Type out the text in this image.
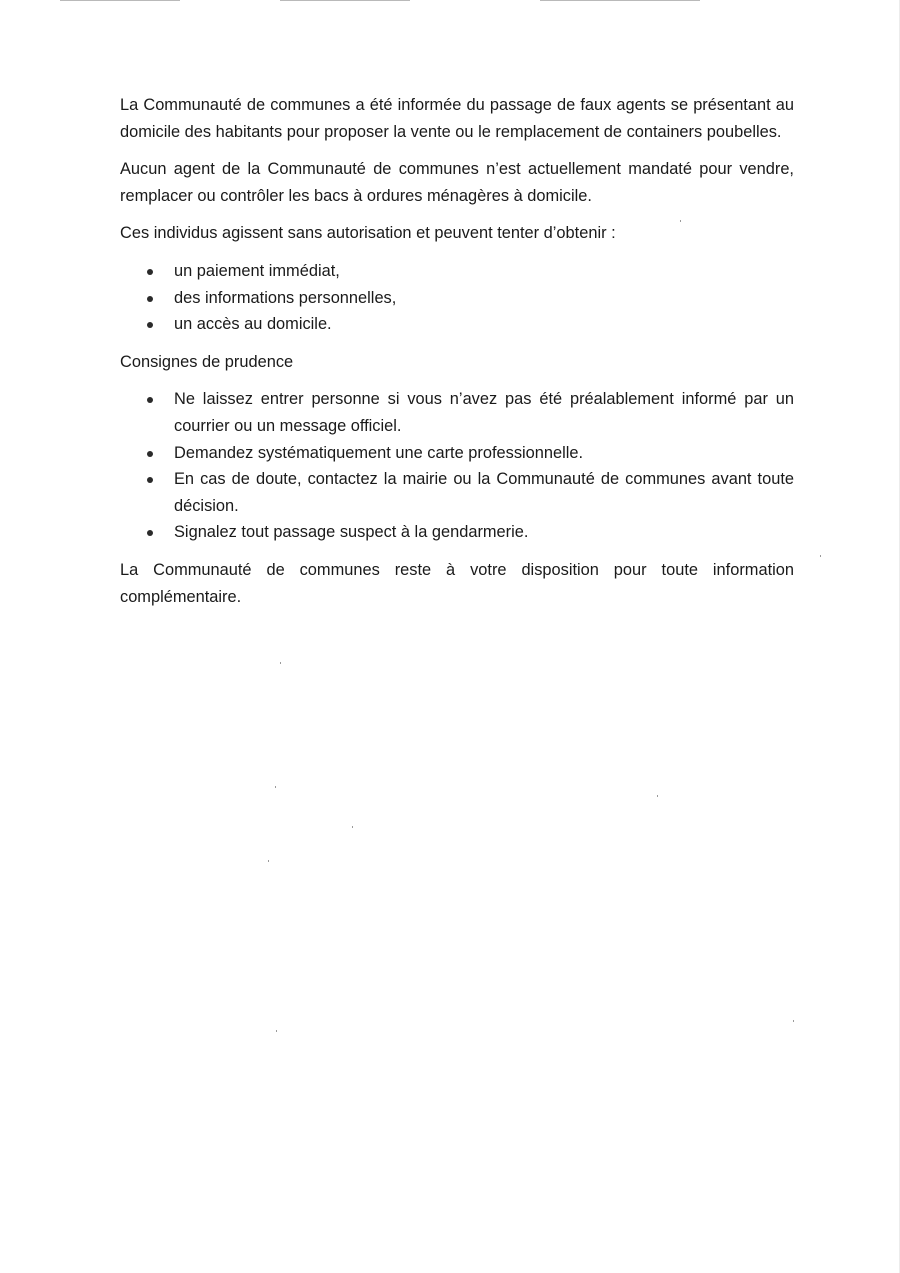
La Communauté de communes a été informée du passage de faux agents se présentant au domicile des habitants pour proposer la vente ou le remplacement de containers poubelles.

Aucun agent de la Communauté de communes n’est actuellement mandaté pour vendre, remplacer ou contrôler les bacs à ordures ménagères à domicile.

Ces individus agissent sans autorisation et peuvent tenter d’obtenir :

un paiement immédiat,
des informations personnelles,
un accès au domicile.

Consignes de prudence

Ne laissez entrer personne si vous n’avez pas été préalablement informé par un courrier ou un message officiel.
Demandez systématiquement une carte professionnelle.
En cas de doute, contactez la mairie ou la Communauté de communes avant toute décision.
Signalez tout passage suspect à la gendarmerie.

La Communauté de communes reste à votre disposition pour toute information complémentaire.
